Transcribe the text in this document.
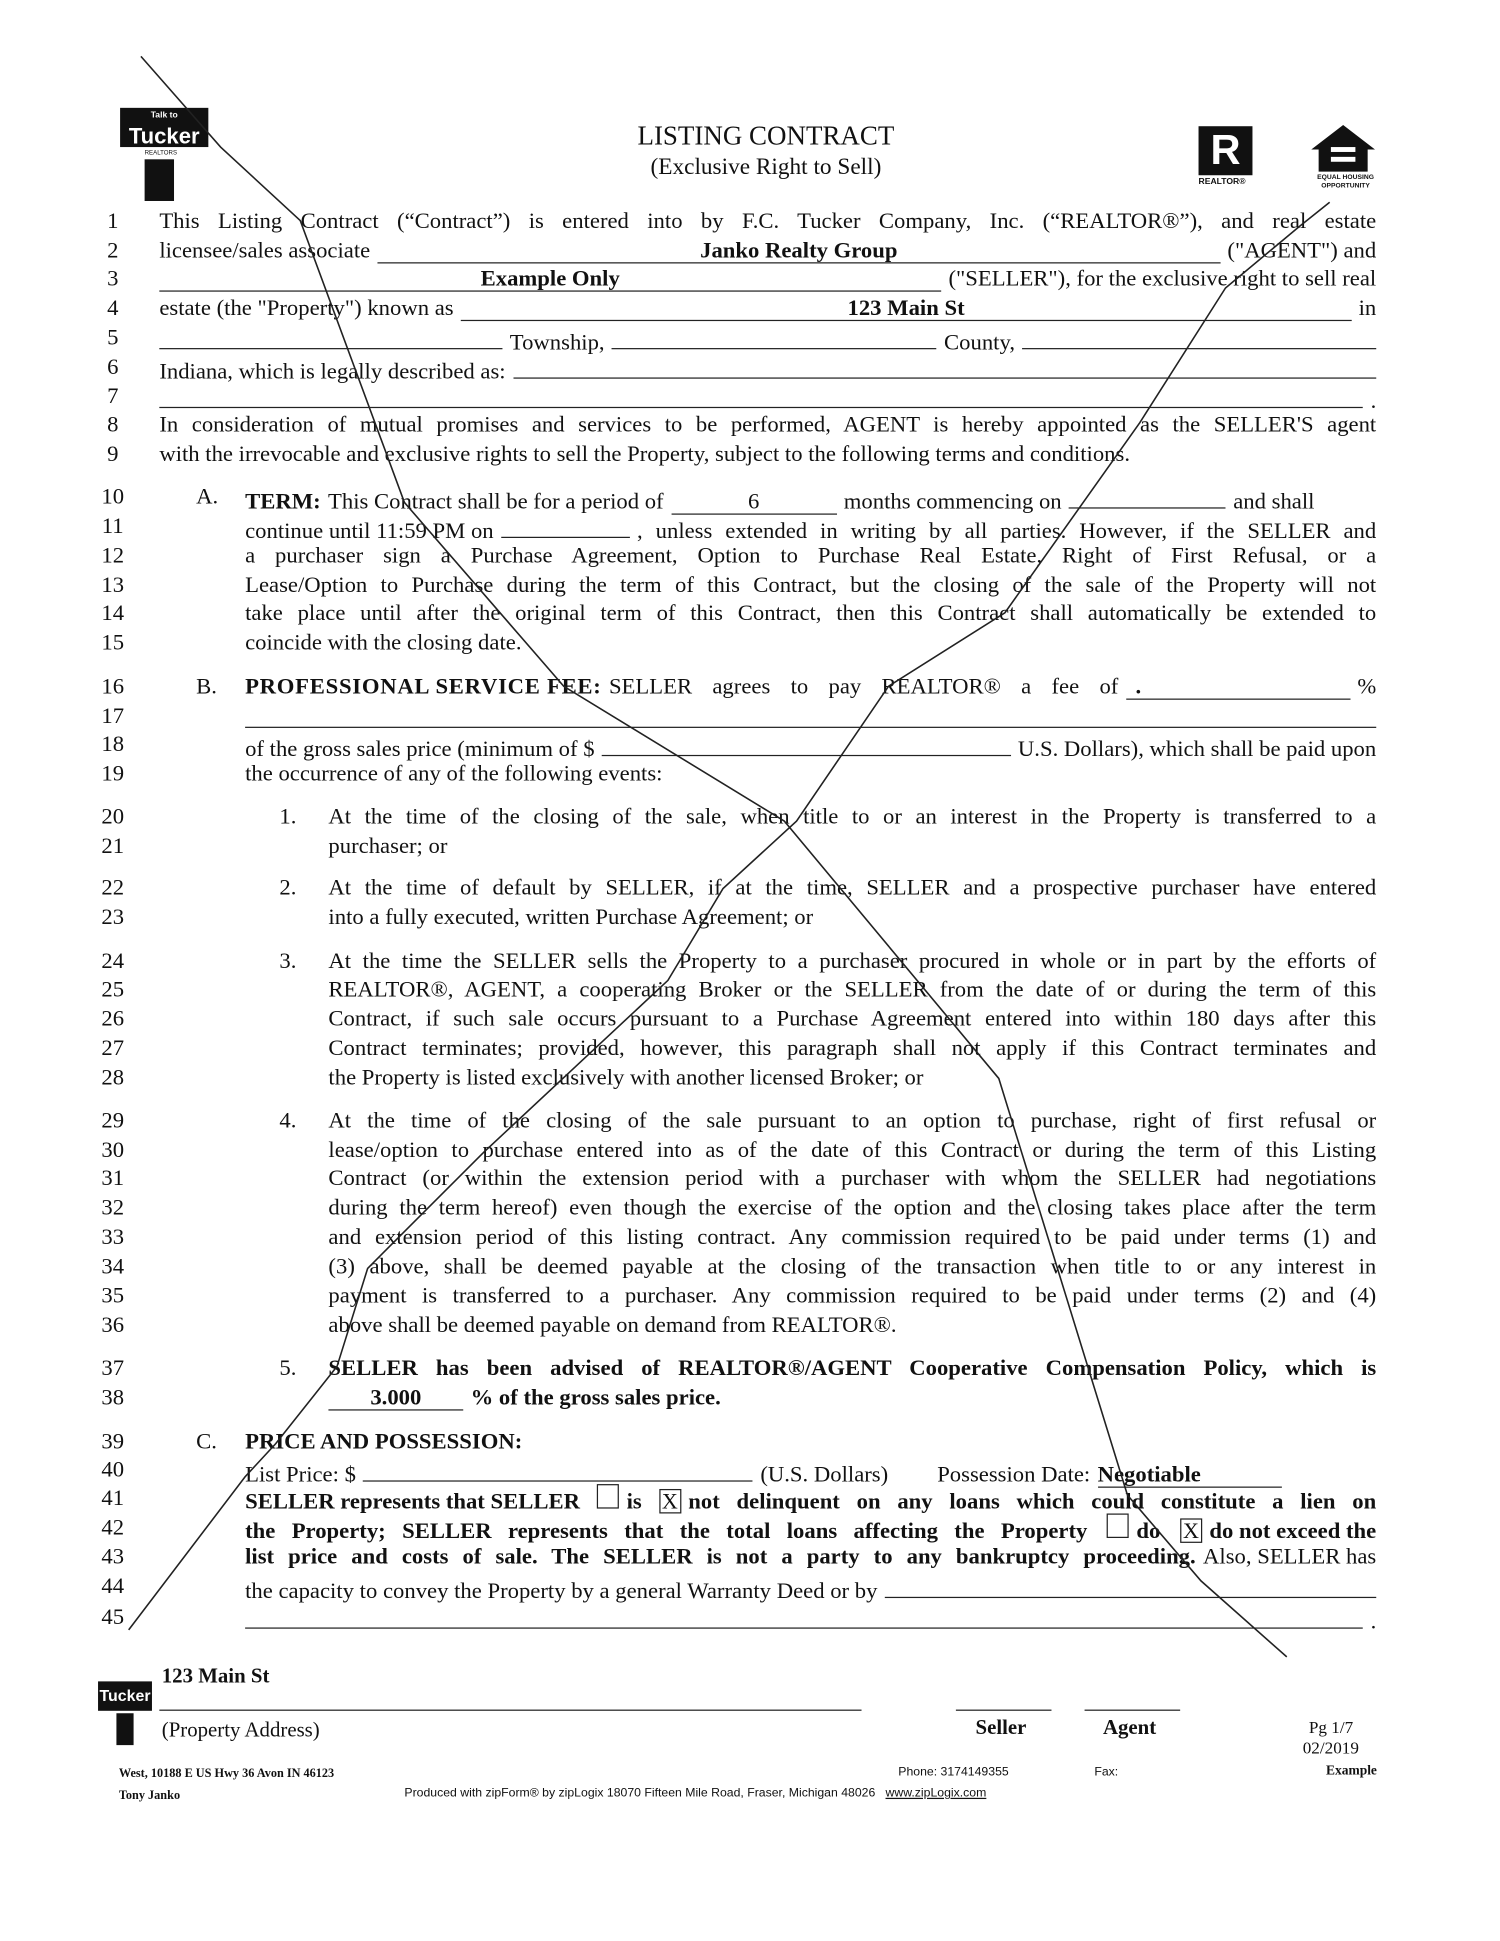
Talk to
Tucker
REALTORS
LISTING CONTRACT
(Exclusive Right to Sell)	R
REALTOR®	EQUAL HOUSING OPPORTUNITY
1
2
3
4
5
6
7
8
9
10
11
12
13
14
15
16
17
18
19
20
21
22
23
24
25
26
27
28
29
30
31
32
33
34
35
36
37
38
39
40
41
42
43
44
45
This Listing Contract (“Contract”) is entered into by F.C. Tucker Company, Inc. (“REALTOR®”), and real estate
licensee/sales associate	Janko Realty Group	("AGENT") and
Example Only	("SELLER"), for the exclusive right to sell real
estate (the "Property") known as	123 Main St	in
Township,	County,
Indiana, which is legally described as:
.
In consideration of mutual promises and services to be performed, AGENT is hereby appointed as the SELLER'S agent
with the irrevocable and exclusive rights to sell the Property, subject to the following terms and conditions.
A.	TERM: This Contract shall be for a period of	6	months commencing on	and shall
continue until 11:59 PM on	, unless extended in writing by all parties. However, if the SELLER and
a purchaser sign a Purchase Agreement, Option to Purchase Real Estate, Right of First Refusal, or a
Lease/Option to Purchase during the term of this Contract, but the closing of the sale of the Property will not
take place until after the original term of this Contract, then this Contract shall automatically be extended to
coincide with the closing date.
B.	PROFESSIONAL SERVICE FEE: SELLER agrees to pay REALTOR® a fee of .	%
of the gross sales price (minimum of $	U.S. Dollars), which shall be paid upon
the occurrence of any of the following events:
1.	At the time of the closing of the sale, when title to or an interest in the Property is transferred to a
purchaser; or
2.	At the time of default by SELLER, if at the time, SELLER and a prospective purchaser have entered
into a fully executed, written Purchase Agreement; or
3.	At the time the SELLER sells the Property to a purchaser procured in whole or in part by the efforts of
REALTOR®, AGENT, a cooperating Broker or the SELLER from the date of or during the term of this
Contract, if such sale occurs pursuant to a Purchase Agreement entered into within 180 days after this
Contract terminates; provided, however, this paragraph shall not apply if this Contract terminates and
the Property is listed exclusively with another licensed Broker; or
4.	At the time of the closing of the sale pursuant to an option to purchase, right of first refusal or
lease/option to purchase entered into as of the date of this Contract or during the term of this Listing
Contract (or within the extension period with a purchaser with whom the SELLER had negotiations
during the term hereof) even though the exercise of the option and the closing takes place after the term
and extension period of this listing contract. Any commission required to be paid under terms (1) and
(3) above, shall be deemed payable at the closing of the transaction when title to or any interest in
payment is transferred to a purchaser. Any commission required to be paid under terms (2) and (4)
above shall be deemed payable on demand from REALTOR®.
5.	SELLER has been advised of REALTOR®/AGENT Cooperative Compensation Policy, which is
3.000	% of the gross sales price.
C.	PRICE AND POSSESSION:
List Price: $	(U.S. Dollars)	Possession Date: Negotiable
SELLER represents that SELLER	is X not delinquent on any loans which could constitute a lien on
the Property; SELLER represents that the total loans affecting the Property	do X do not exceed the
list price and costs of sale. The SELLER is not a party to any bankruptcy proceeding. Also, SELLER has
the capacity to convey the Property by a general Warranty Deed or by
.
Tucker
123 Main St
(Property Address)	Seller	Agent	Pg 1/7
02/2019
Example
West, 10188 E US Hwy 36 Avon IN 46123
Tony Janko
Phone: 3174149355	Fax:
Produced with zipForm® by zipLogix 18070 Fifteen Mile Road, Fraser, Michigan 48026 www.zipLogix.com
